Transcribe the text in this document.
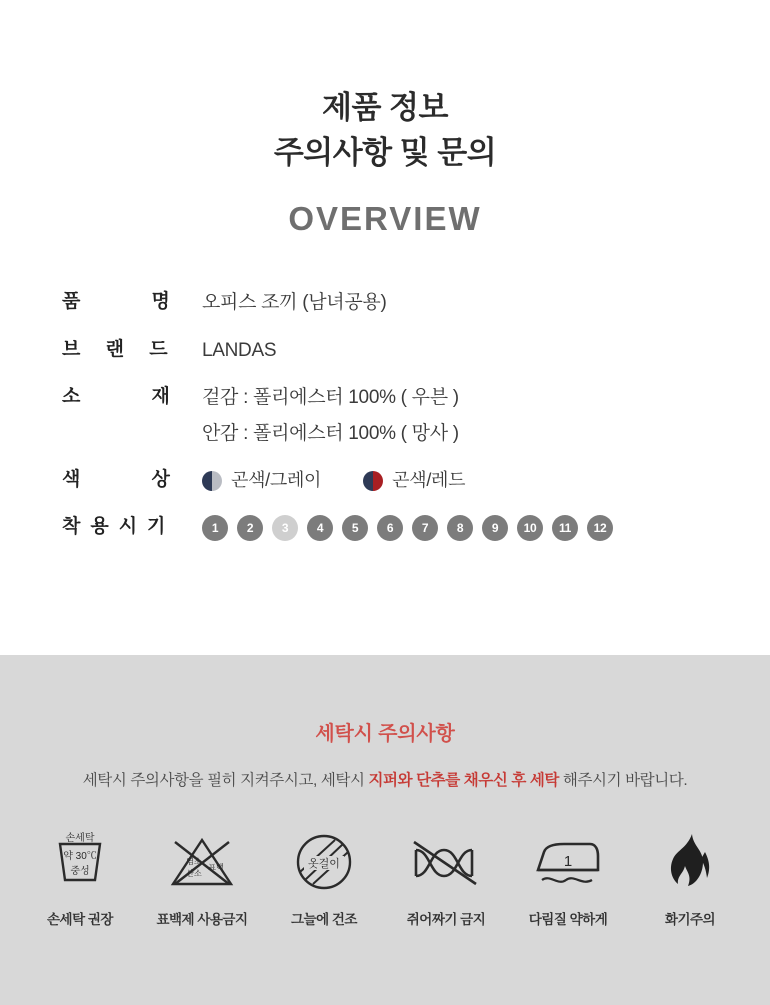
제품 정보
주의사항 및 문의
OVERVIEW
품    명	오피스 조끼 (남녀공용)
브 랜 드	LANDAS
소    재	겉감 : 폴리에스터 100% ( 우븐 )
안감 : 폴리에스터 100% ( 망사 )
색    상	곤색/그레이	곤색/레드
착용시기	1	2	3	4	5	6	7	8	9	10	11	12
세탁시 주의사항
세탁시 주의사항을 필히 지켜주시고, 세탁시 지퍼와 단추를 채우신 후 세탁 해주시기 바랍니다.
손세탁
약 30℃
중성
손세탁 권장
염소
산소
표백
표백제 사용금지
옷걸이
그늘에 건조	쥐어짜기 금지
1
다림질 약하게	화기주의
